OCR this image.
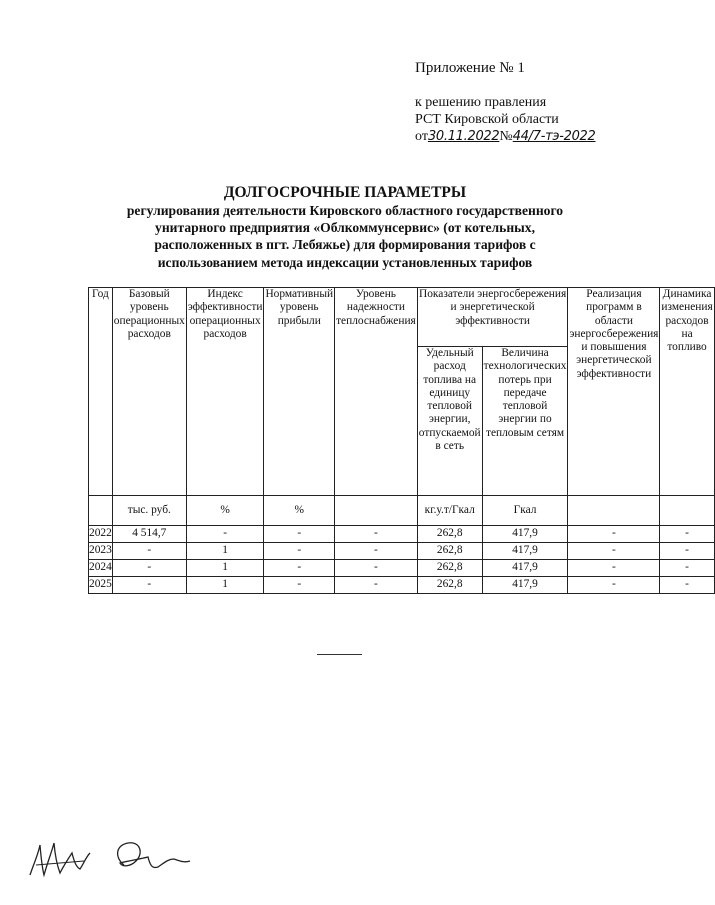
Приложение № 1
к решению правления
РСТ Кировской области
от30.11.2022№44/7-тэ-2022
ДОЛГОСРОЧНЫЕ ПАРАМЕТРЫ
регулирования деятельности Кировского областного государственного
унитарного предприятия «Облкоммунсервис» (от котельных,
расположенных в пгт. Лебяжье) для формирования тарифов с
использованием метода индексации установленных тарифов
Год	Базовый уровень операционных расходов	Индекс эффективности операционных расходов	Нормативный уровень прибыли	Уровень надежности теплоснабжения	Показатели энергосбережения и энергетической эффективности		Реализация программ в области энергосбережения и повышения энергетической эффективности	Динамика изменения расходов на топливо
					Удельный расход топлива на единицу тепловой энергии, отпускаемой в сеть	Величина технологических потерь при передаче тепловой энергии по тепловым сетям		
	тыс. руб.	%	%		кг.у.т/Гкал	Гкал		
2022	4 514,7	-	-	-	262,8	417,9	-	-
2023	-	1	-	-	262,8	417,9	-	-
2024	-	1	-	-	262,8	417,9	-	-
2025	-	1	-	-	262,8	417,9	-	-
